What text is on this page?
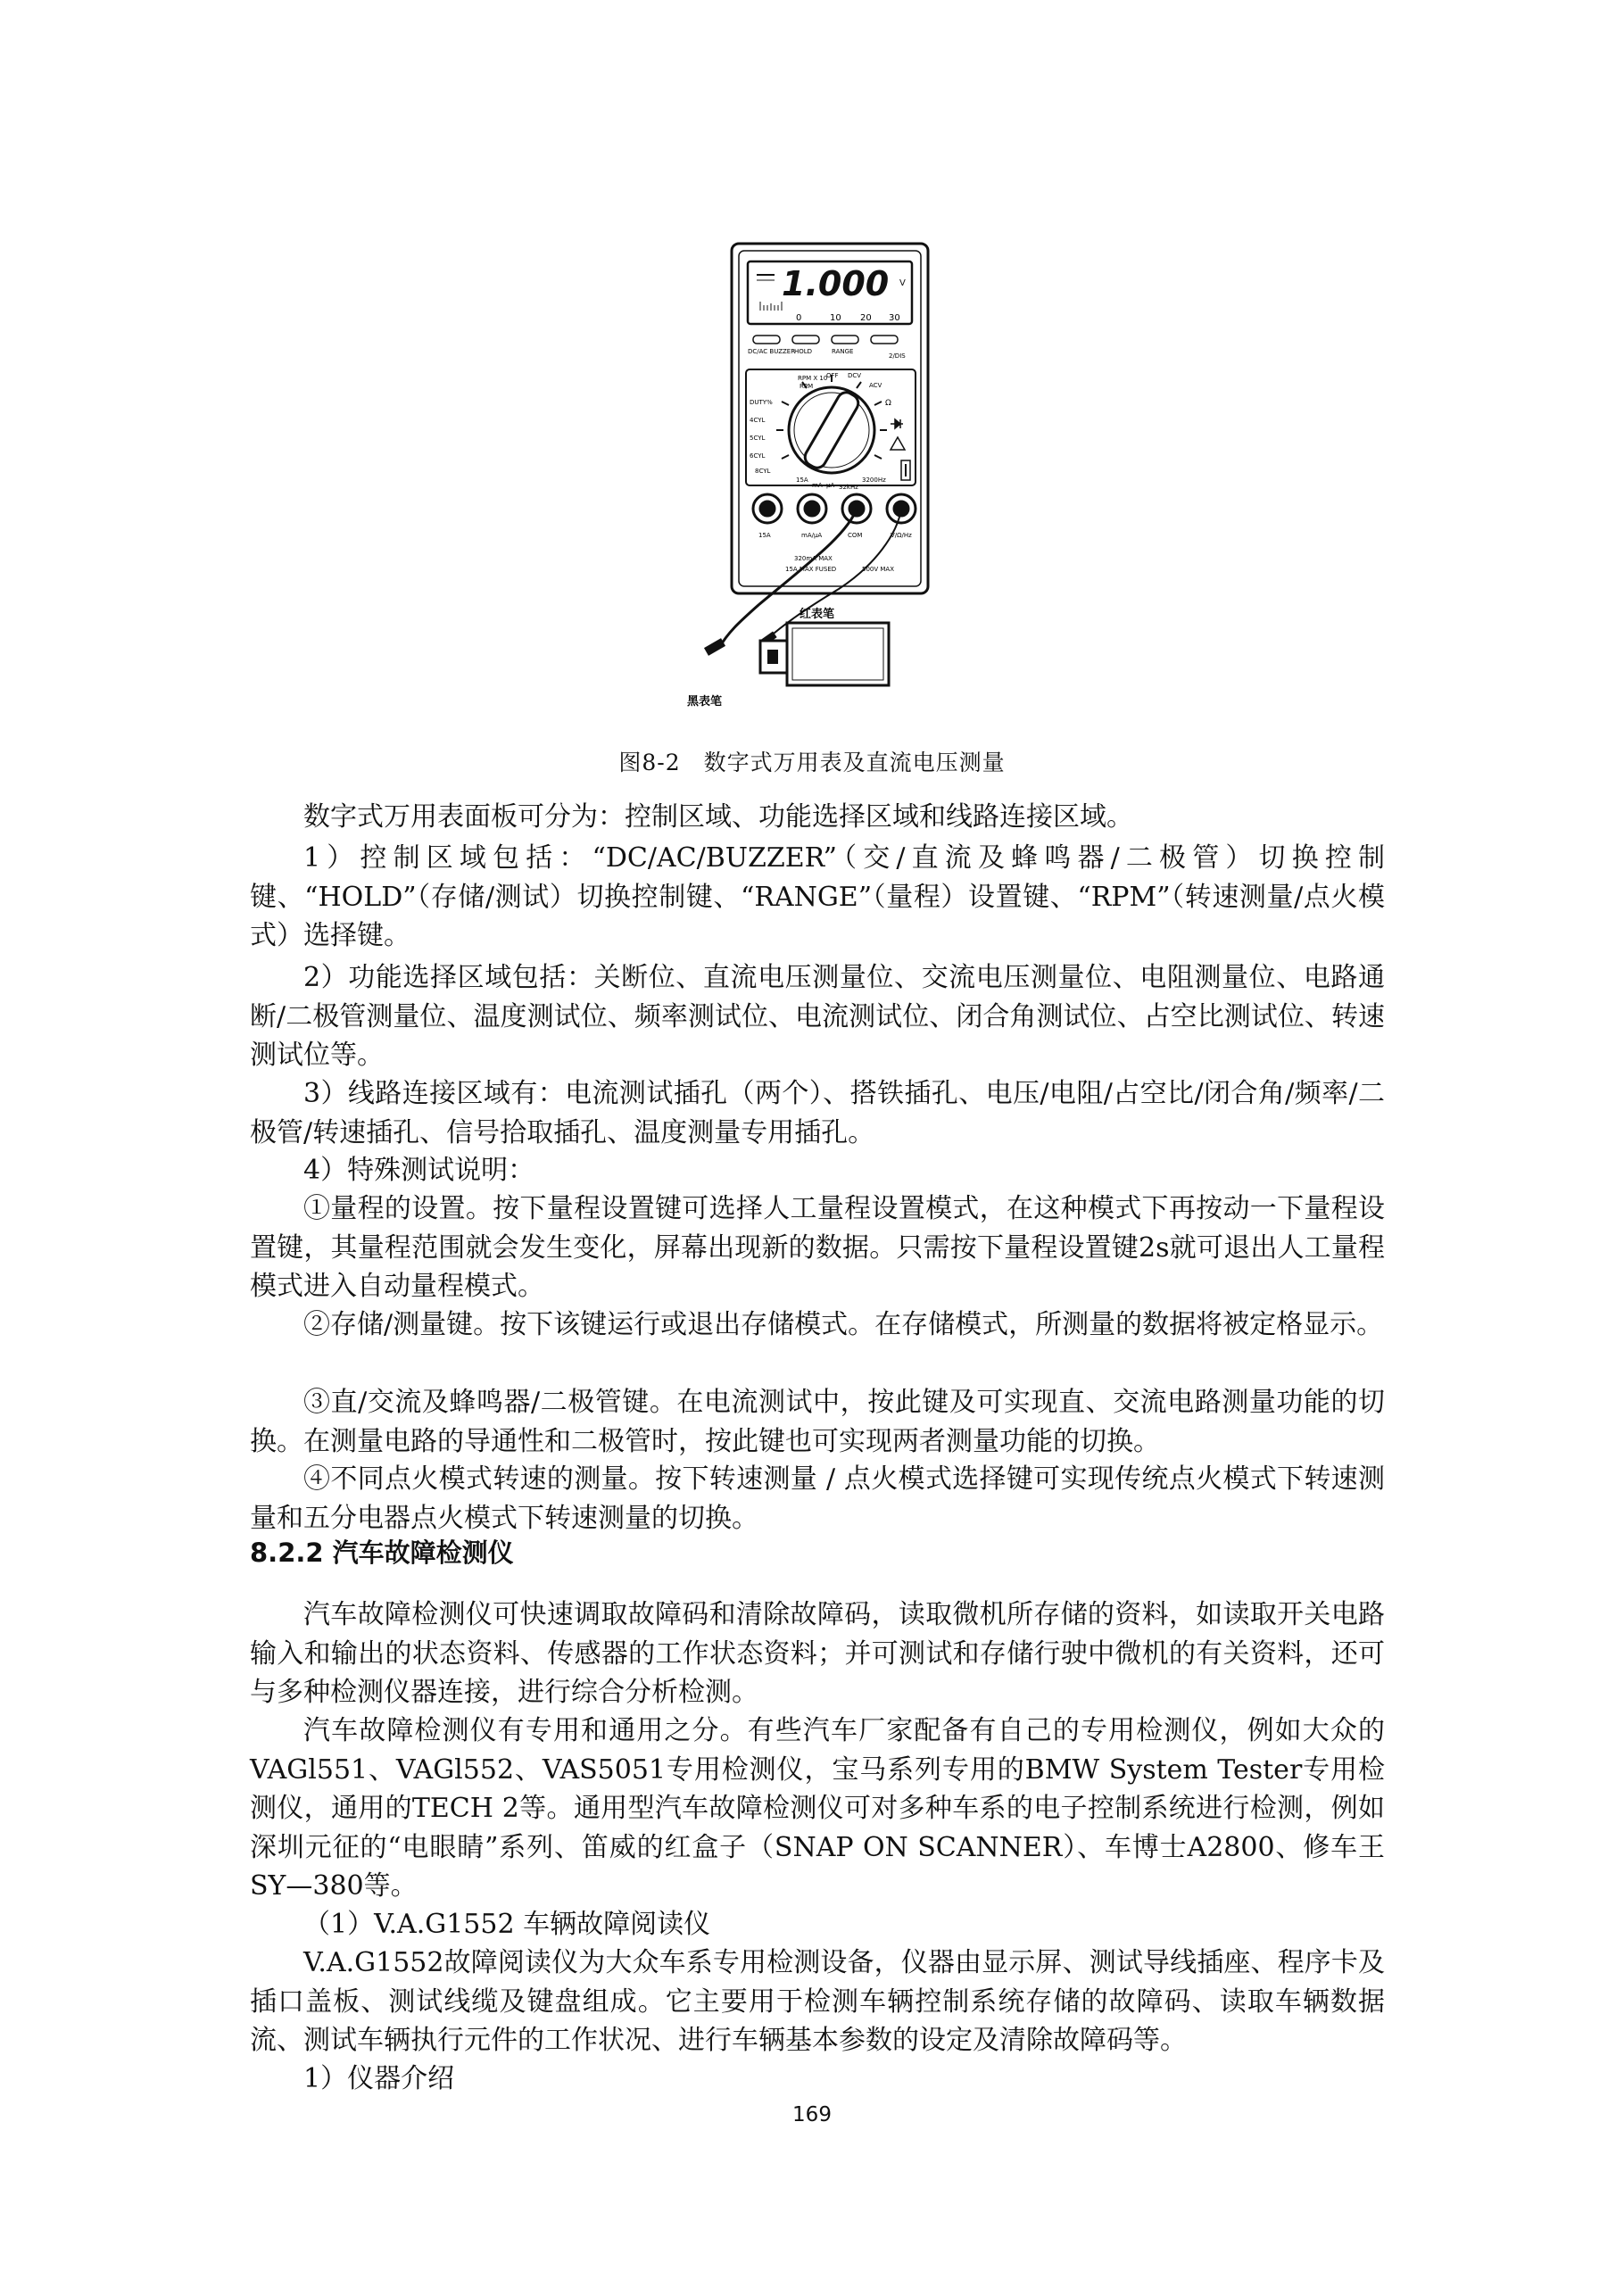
1.000 V
0	10 20 30
DC/AC BUZZER
HOLD	RANGE
2/DIS
RPM X 10
OFF DCV
ACV
Ω
RPM
DUTY%
4CYL
5CYL
6CYL
8CYL
15A
mA μA 32kHz
3200Hz
15A	mA/μA	COM	V/Ω/Hz
320mA MAX
15A MAX FUSED	500V MAX
红表笔
黑表笔
图8-2　数字式万用表及直流电压测量

数字式万用表面板可分为：控制区域、功能选择区域和线路连接区域。

1）控制区域包括：“DC/AC/BUZZER”（交/直流及蜂鸣器/二极管）切换控制键、“HOLD”（存储/测试）切换控制键、“RANGE”（量程）设置键、“RPM”（转速测量/点火模式）选择键。

2）功能选择区域包括：关断位、直流电压测量位、交流电压测量位、电阻测量位、电路通断/二极管测量位、温度测试位、频率测试位、电流测试位、闭合角测试位、占空比测试位、转速测试位等。

3）线路连接区域有：电流测试插孔（两个）、搭铁插孔、电压/电阻/占空比/闭合角/频率/二极管/转速插孔、信号拾取插孔、温度测量专用插孔。

4）特殊测试说明：

①量程的设置。按下量程设置键可选择人工量程设置模式，在这种模式下再按动一下量程设置键，其量程范围就会发生变化，屏幕出现新的数据。只需按下量程设置键2s就可退出人工量程模式进入自动量程模式。

②存储/测量键。按下该键运行或退出存储模式。在存储模式，所测量的数据将被定格显示。

③直/交流及蜂鸣器/二极管键。在电流测试中，按此键及可实现直、交流电路测量功能的切换。在测量电路的导通性和二极管时，按此键也可实现两者测量功能的切换。

④不同点火模式转速的测量。按下转速测量 / 点火模式选择键可实现传统点火模式下转速测量和五分电器点火模式下转速测量的切换。

8.2.2 汽车故障检测仪

汽车故障检测仪可快速调取故障码和清除故障码，读取微机所存储的资料，如读取开关电路输入和输出的状态资料、传感器的工作状态资料；并可测试和存储行驶中微机的有关资料，还可与多种检测仪器连接，进行综合分析检测。

汽车故障检测仪有专用和通用之分。有些汽车厂家配备有自己的专用检测仪，例如大众的VAGl551、VAGl552、VAS5051专用检测仪，宝马系列专用的BMW System Tester专用检测仪，通用的TECH 2等。通用型汽车故障检测仪可对多种车系的电子控制系统进行检测，例如深圳元征的“电眼睛”系列、笛威的红盒子（SNAP ON SCANNER）、车博士A2800、修车王SY—380等。

（1）V.A.G1552 车辆故障阅读仪

V.A.G1552故障阅读仪为大众车系专用检测设备，仪器由显示屏、测试导线插座、程序卡及插口盖板、测试线缆及键盘组成。它主要用于检测车辆控制系统存储的故障码、读取车辆数据流、测试车辆执行元件的工作状况、进行车辆基本参数的设定及清除故障码等。

1）仪器介绍

169
